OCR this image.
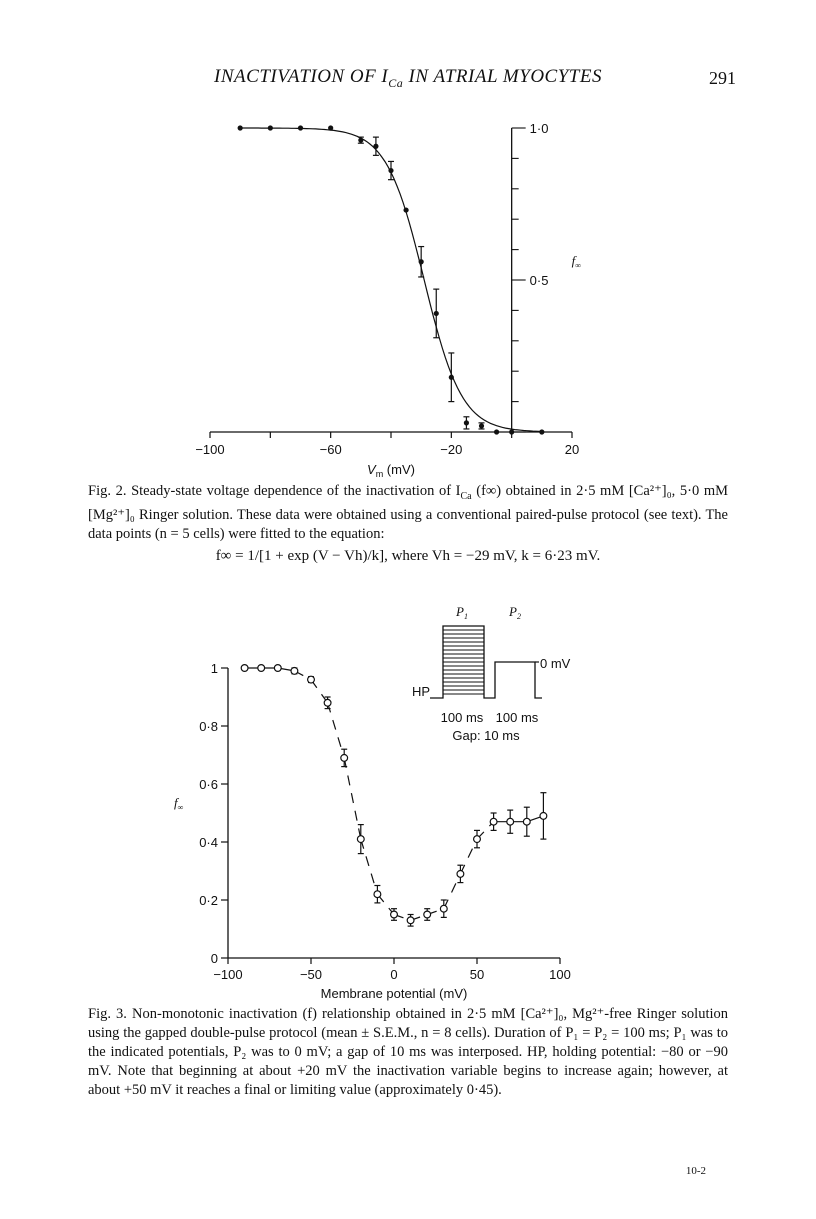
INACTIVATION OF $I_{Ca}$ IN ATRIAL MYOCYTES	291
−100	−60	−20	20
1·0
0·5
$V_m$ (mV)
$f_\infty$

Fig. 2. Steady-state voltage dependence of the inactivation of $I_{Ca}$ (f∞) obtained in 2·5 mM [Ca²⁺]₀, 5·0 mM [Mg²⁺]₀ Ringer solution. These data were obtained using a conventional paired-pulse protocol (see text). The data points (n = 5 cells) were fitted to the equation:

f∞ = 1/[1 + exp (V − Vh)/k], where Vh = −29 mV, k = 6·23 mV.
−100	−50	0	50	100
0
0·2
0·4
0·6
0·8
1
Membrane potential (mV)
$f_\infty$
$P_1$	$P_2$
0 mV
HP
100 ms 100 ms
Gap: 10 ms

Fig. 3. Non-monotonic inactivation (f) relationship obtained in 2·5 mM [Ca²⁺]₀, Mg²⁺-free Ringer solution using the gapped double-pulse protocol (mean ± S.E.M., n = 8 cells). Duration of P₁ = P₂ = 100 ms; P₁ was to the indicated potentials, P₂ was to 0 mV; a gap of 10 ms was interposed. HP, holding potential: −80 or −90 mV. Note that beginning at about +20 mV the inactivation variable begins to increase again; however, at about +50 mV it reaches a final or limiting value (approximately 0·45).

10-2
